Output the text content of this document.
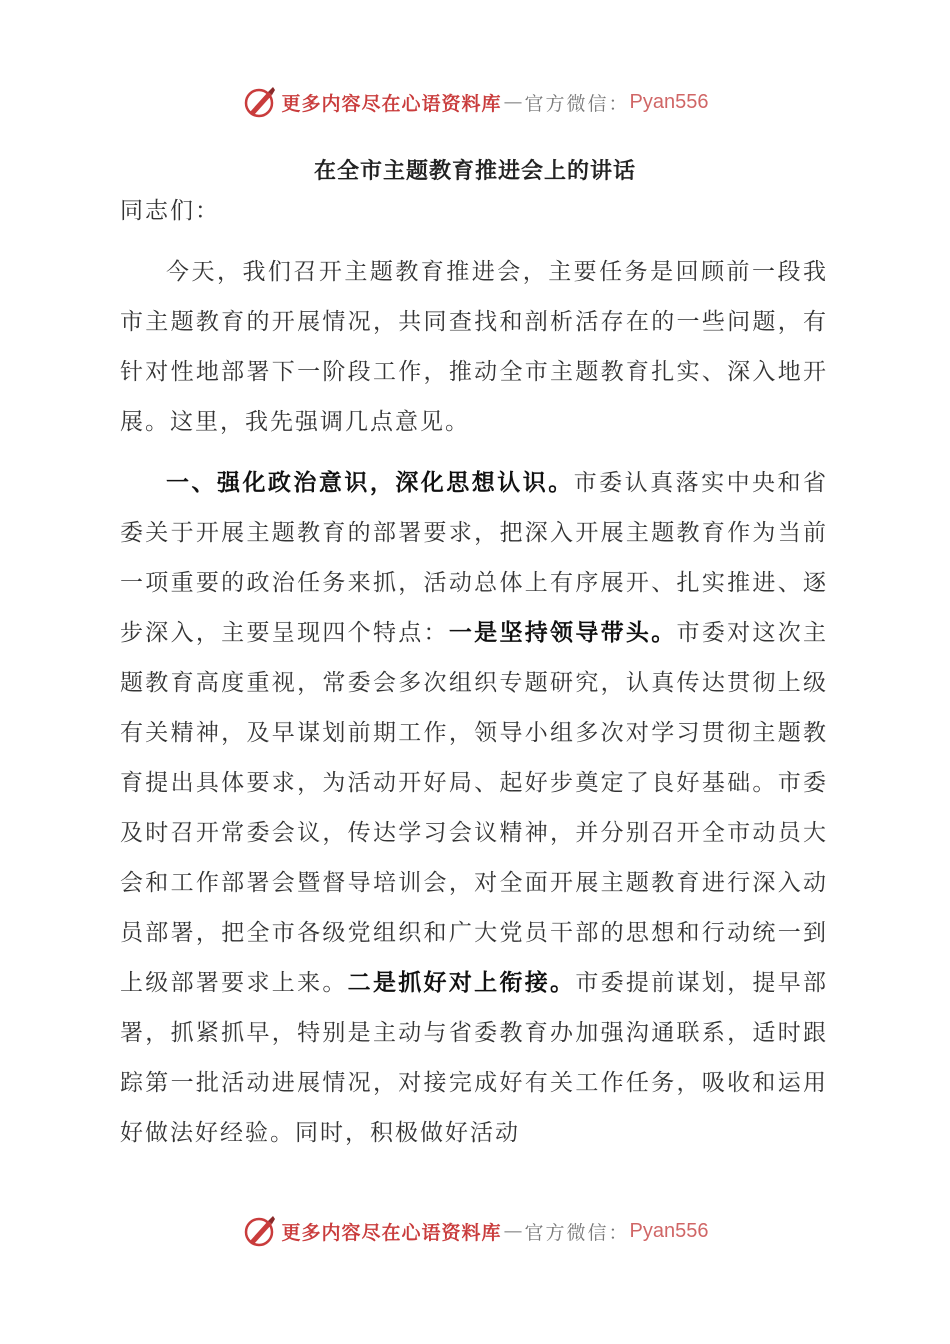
更多内容尽在心语资料库 — 官方微信： Pyan556
在全市主题教育推进会上的讲话

同志们：

今天，我们召开主题教育推进会，主要任务是回顾前一段我市主题教育的开展情况，共同查找和剖析活存在的一些问题，有针对性地部署下一阶段工作，推动全市主题教育扎实、深入地开展。这里，我先强调几点意见。

一、强化政治意识，深化思想认识。市委认真落实中央和省委关于开展主题教育的部署要求，把深入开展主题教育作为当前一项重要的政治任务来抓，活动总体上有序展开、扎实推进、逐步深入，主要呈现四个特点：一是坚持领导带头。市委对这次主题教育高度重视，常委会多次组织专题研究，认真传达贯彻上级有关精神，及早谋划前期工作，领导小组多次对学习贯彻主题教育提出具体要求，为活动开好局、起好步奠定了良好基础。市委及时召开常委会议，传达学习会议精神，并分别召开全市动员大会和工作部署会暨督导培训会，对全面开展主题教育进行深入动员部署，把全市各级党组织和广大党员干部的思想和行动统一到上级部署要求上来。二是抓好对上衔接。市委提前谋划，提早部署，抓紧抓早，特别是主动与省委教育办加强沟通联系，适时跟踪第一批活动进展情况，对接完成好有关工作任务，吸收和运用好做法好经验。同时，积极做好活动

更多内容尽在心语资料库 — 官方微信： Pyan556
